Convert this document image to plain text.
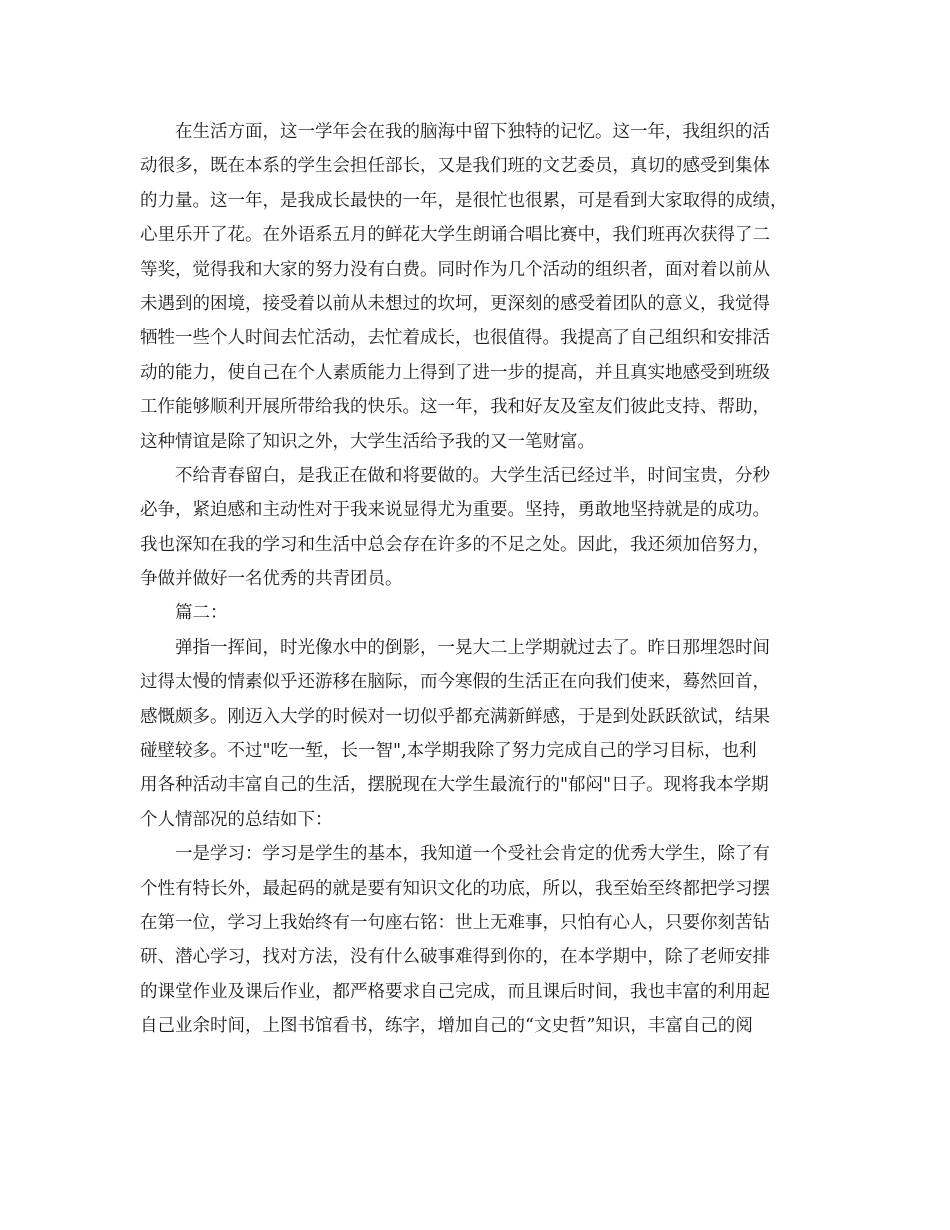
在生活方面，这一学年会在我的脑海中留下独特的记忆。这一年，我组织的活
动很多，既在本系的学生会担任部长，又是我们班的文艺委员，真切的感受到集体
的力量。这一年，是我成长最快的一年，是很忙也很累，可是看到大家取得的成绩，
心里乐开了花。在外语系五月的鲜花大学生朗诵合唱比赛中，我们班再次获得了二
等奖，觉得我和大家的努力没有白费。同时作为几个活动的组织者，面对着以前从
未遇到的困境，接受着以前从未想过的坎坷，更深刻的感受着团队的意义，我觉得
牺牲一些个人时间去忙活动，去忙着成长，也很值得。我提高了自己组织和安排活
动的能力，使自己在个人素质能力上得到了进一步的提高，并且真实地感受到班级
工作能够顺利开展所带给我的快乐。这一年，我和好友及室友们彼此支持、帮助，
这种情谊是除了知识之外，大学生活给予我的又一笔财富。
不给青春留白，是我正在做和将要做的。大学生活已经过半，时间宝贵，分秒
必争，紧迫感和主动性对于我来说显得尤为重要。坚持，勇敢地坚持就是的成功。
我也深知在我的学习和生活中总会存在许多的不足之处。因此，我还须加倍努力，
争做并做好一名优秀的共青团员。
篇二：
弹指一挥间，时光像水中的倒影，一晃大二上学期就过去了。昨日那埋怨时间
过得太慢的情素似乎还游移在脑际，而今寒假的生活正在向我们使来，蓦然回首，
感慨颇多。刚迈入大学的时候对一切似乎都充满新鲜感，于是到处跃跃欲试，结果
碰壁较多。不过"吃一堑，长一智",本学期我除了努力完成自己的学习目标，也利
用各种活动丰富自己的生活，摆脱现在大学生最流行的"郁闷"日子。现将我本学期
个人情部况的总结如下：
一是学习：学习是学生的基本，我知道一个受社会肯定的优秀大学生，除了有
个性有特长外，最起码的就是要有知识文化的功底，所以，我至始至终都把学习摆
在第一位，学习上我始终有一句座右铭：世上无难事，只怕有心人，只要你刻苦钻
研、潜心学习，找对方法，没有什么破事难得到你的，在本学期中，除了老师安排
的课堂作业及课后作业，都严格要求自己完成，而且课后时间，我也丰富的利用起
自己业余时间，上图书馆看书，练字，增加自己的“文史哲”知识，丰富自己的阅
